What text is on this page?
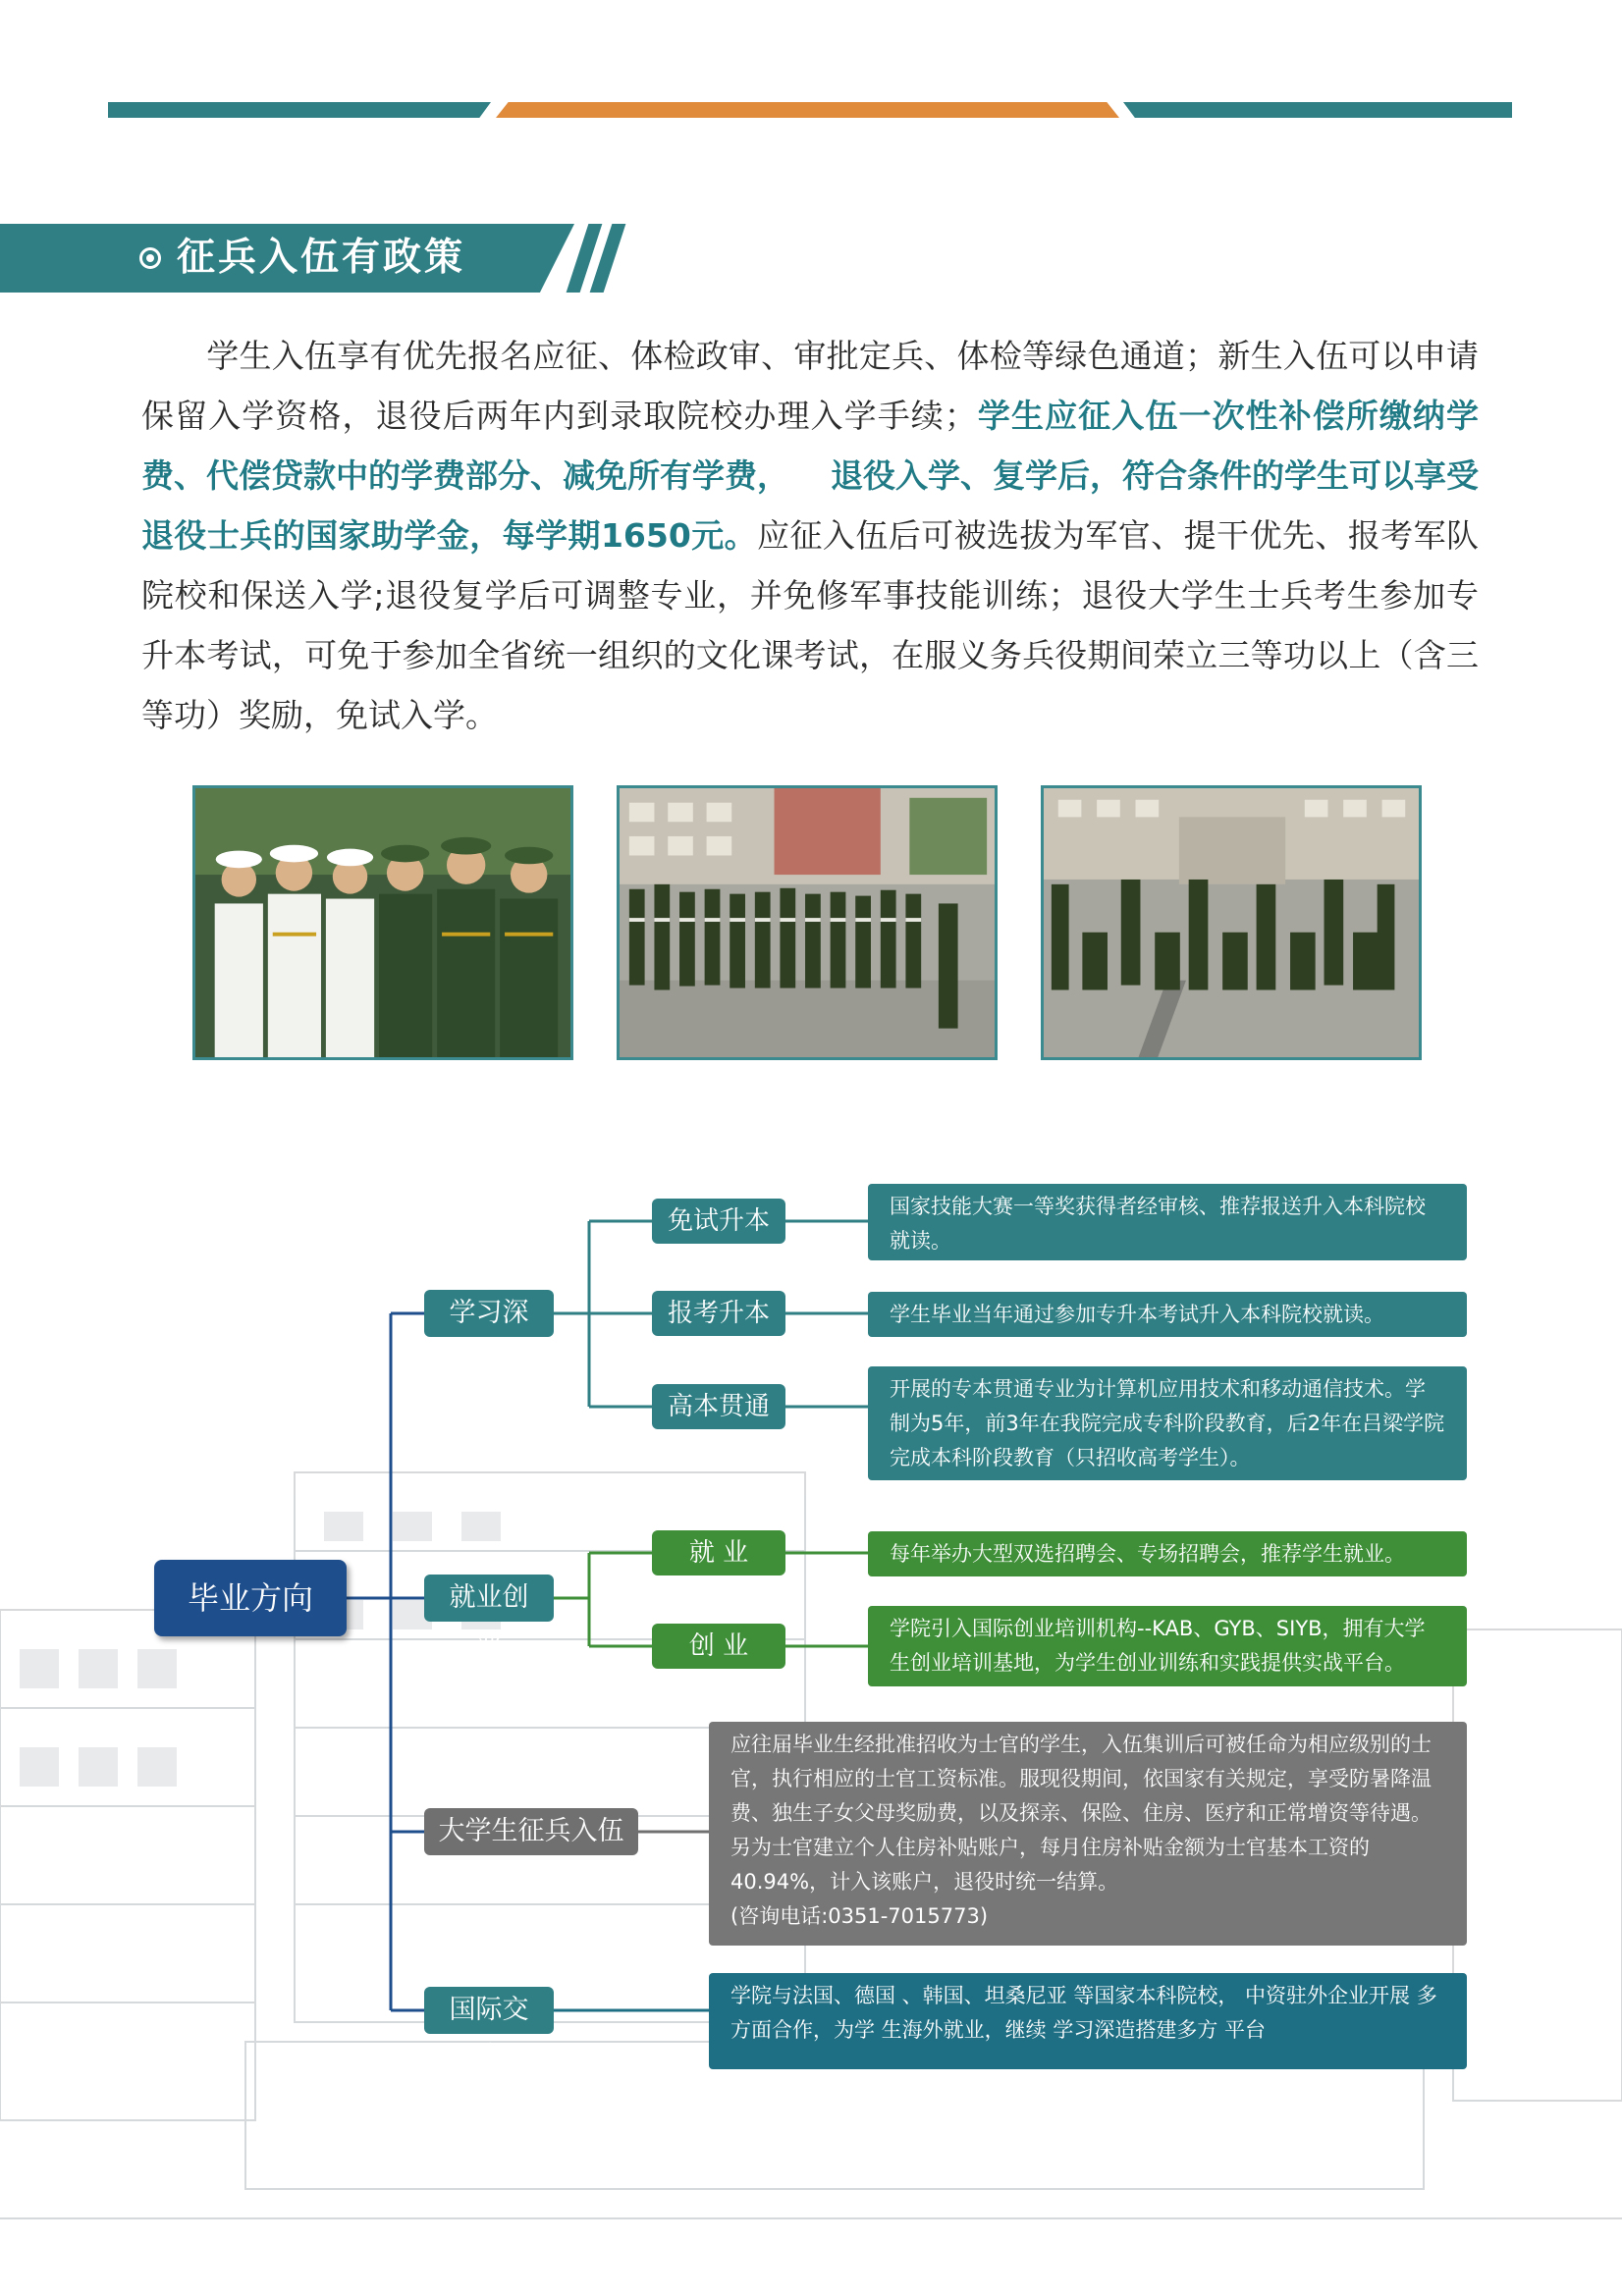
征兵入伍有政策
学生入伍享有优先报名应征、体检政审、审批定兵、体检等绿色通道；新生入伍可以申请保留入学资格，退役后两年内到录取院校办理入学手续；学生应征入伍一次性补偿所缴纳学费、代偿贷款中的学费部分、减免所有学费， 退役入学、复学后，符合条件的学生可以享受退役士兵的国家助学金，每学期1650元。应征入伍后可被选拔为军官、提干优先、报考军队院校和保送入学;退役复学后可调整专业，并免修军事技能训练；退役大学生士兵考生参加专升本考试，可免于参加全省统一组织的文化课考试，在服义务兵役期间荣立三等功以上（含三等功）奖励，免试入学。
毕业方向
学习深造
就业创业
大学生征兵入伍
国际交流
免试升本	国家技能大赛一等奖获得者经审核、推荐报送升入本科院校就读。
报考升本	学生毕业当年通过参加专升本考试升入本科院校就读。
高本贯通
开展的专本贯通专业为计算机应用技术和移动通信技术。学制为5年，前3年在我院完成专科阶段教育，后2年在吕梁学院完成本科阶段教育（只招收高考学生）。
就 业	每年举办大型双选招聘会、专场招聘会，推荐学生就业。
创 业
学院引入国际创业培训机构--KAB、GYB、SIYB，拥有大学生创业培训基地，为学生创业训练和实践提供实战平台。
应往届毕业生经批准招收为士官的学生，入伍集训后可被任命为相应级别的士官，执行相应的士官工资标准。服现役期间，依国家有关规定，享受防暑降温费、独生子女父母奖励费，以及探亲、保险、住房、医疗和正常增资等待遇。另为士官建立个人住房补贴账户，每月住房补贴金额为士官基本工资的40.94%，计入该账户，退役时统一结算。
(咨询电话:0351-7015773)
学院与法国、德国 、韩国、坦桑尼亚 等国家本科院校， 中资驻外企业开展 多方面合作，为学 生海外就业，继续 学习深造搭建多方 平台
